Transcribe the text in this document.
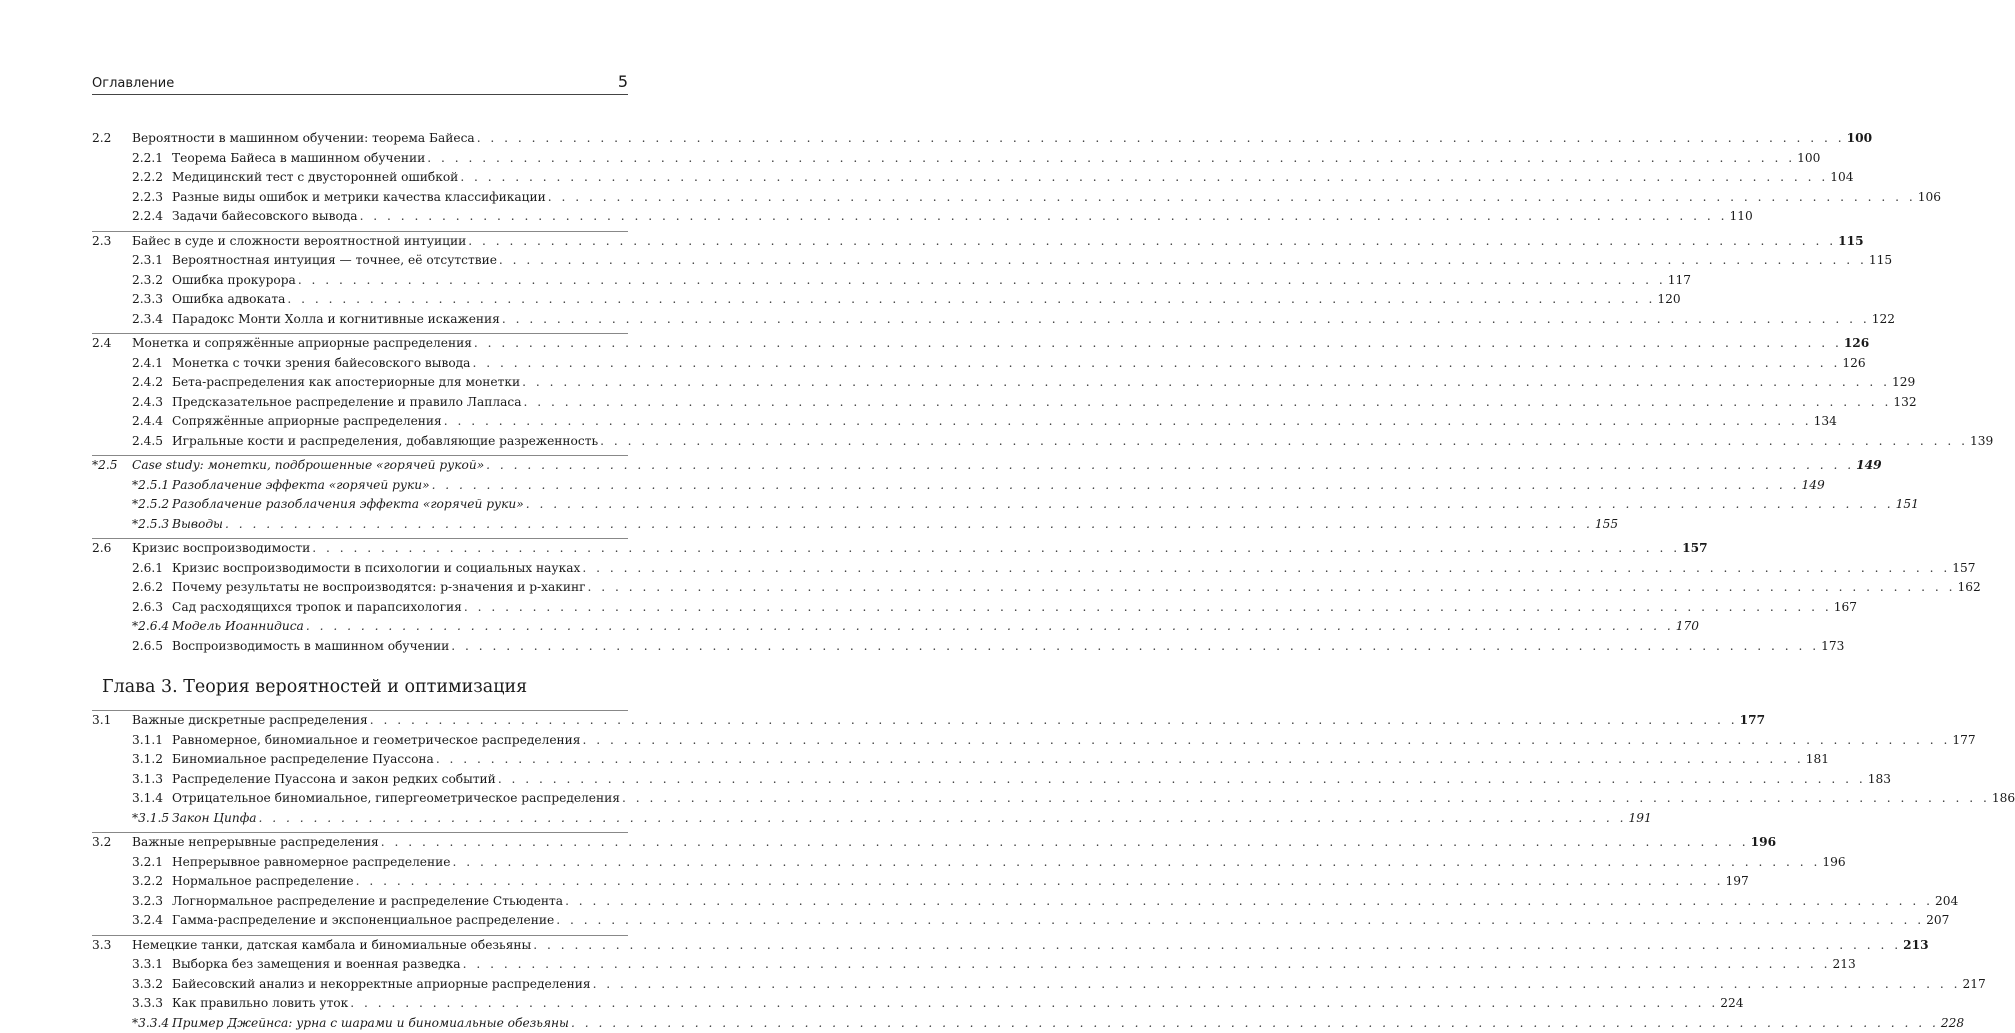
Оглавление	5
2.2	Вероятности в машинном обучении: теорема Байеса . . .	100
2.2.1 Теорема Байеса в машинном обучении . . .	100
2.2.2 Медицинский тест с двусторонней ошибкой . . .	104
2.2.3 Разные виды ошибок и метрики качества классификации . . .	106
2.2.4 Задачи байесовского вывода . . .	110
2.3	Байес в суде и сложности вероятностной интуиции . . .	115
2.3.1 Вероятностная интуиция — точнее, её отсутствие . . .	115
2.3.2 Ошибка прокурора . . .	117
2.3.3 Ошибка адвоката . . .	120
2.3.4 Парадокс Монти Холла и когнитивные искажения . . .	122
2.4	Монетка и сопряжённые априорные распределения . . .	126
2.4.1 Монетка с точки зрения байесовского вывода . . .	126
2.4.2 Бета-распределения как апостериорные для монетки . . .	129
2.4.3 Предсказательное распределение и правило Лапласа . . .	132
2.4.4 Сопряжённые априорные распределения . . .	134
2.4.5 Игральные кости и распределения, добавляющие разреженность . . .	139
*2.5	Case study: монетки, подброшенные «горячей рукой» . . .	149
*2.5.1 Разоблачение эффекта «горячей руки» . . .	149
*2.5.2 Разоблачение разоблачения эффекта «горячей руки» . . .	151
*2.5.3 Выводы . . .	155
2.6	Кризис воспроизводимости . . .	157
2.6.1 Кризис воспроизводимости в психологии и социальных науках . . .	157
2.6.2 Почему результаты не воспроизводятся: p-значения и p-хакинг . . .	162
2.6.3 Сад расходящихся тропок и парапсихология . . .	167
*2.6.4 Модель Иоаннидиса . . .	170
2.6.5 Воспроизводимость в машинном обучении . . .	173
Глава 3. Теория вероятностей и оптимизация
3.1	Важные дискретные распределения . . .	177
3.1.1 Равномерное, биномиальное и геометрическое распределения . . .	177
3.1.2 Биномиальное распределение Пуассона . . .	181
3.1.3 Распределение Пуассона и закон редких событий . . .	183
3.1.4 Отрицательное биномиальное, гипергеометрическое распределения . . .	186
*3.1.5 Закон Ципфа . . .	191
3.2	Важные непрерывные распределения . . .	196
3.2.1 Непрерывное равномерное распределение . . .	196
3.2.2 Нормальное распределение . . .	197
3.2.3 Логнормальное распределение и распределение Стьюдента . . .	204
3.2.4 Гамма-распределение и экспоненциальное распределение . . .	207
3.3	Немецкие танки, датская камбала и биномиальные обезьяны . . .	213
3.3.1 Выборка без замещения и военная разведка . . .	213
3.3.2 Байесовский анализ и некорректные априорные распределения . . .	217
3.3.3 Как правильно ловить уток . . .	224
*3.3.4 Пример Джейнса: урна с шарами и биномиальные обезьяны . . .	228
